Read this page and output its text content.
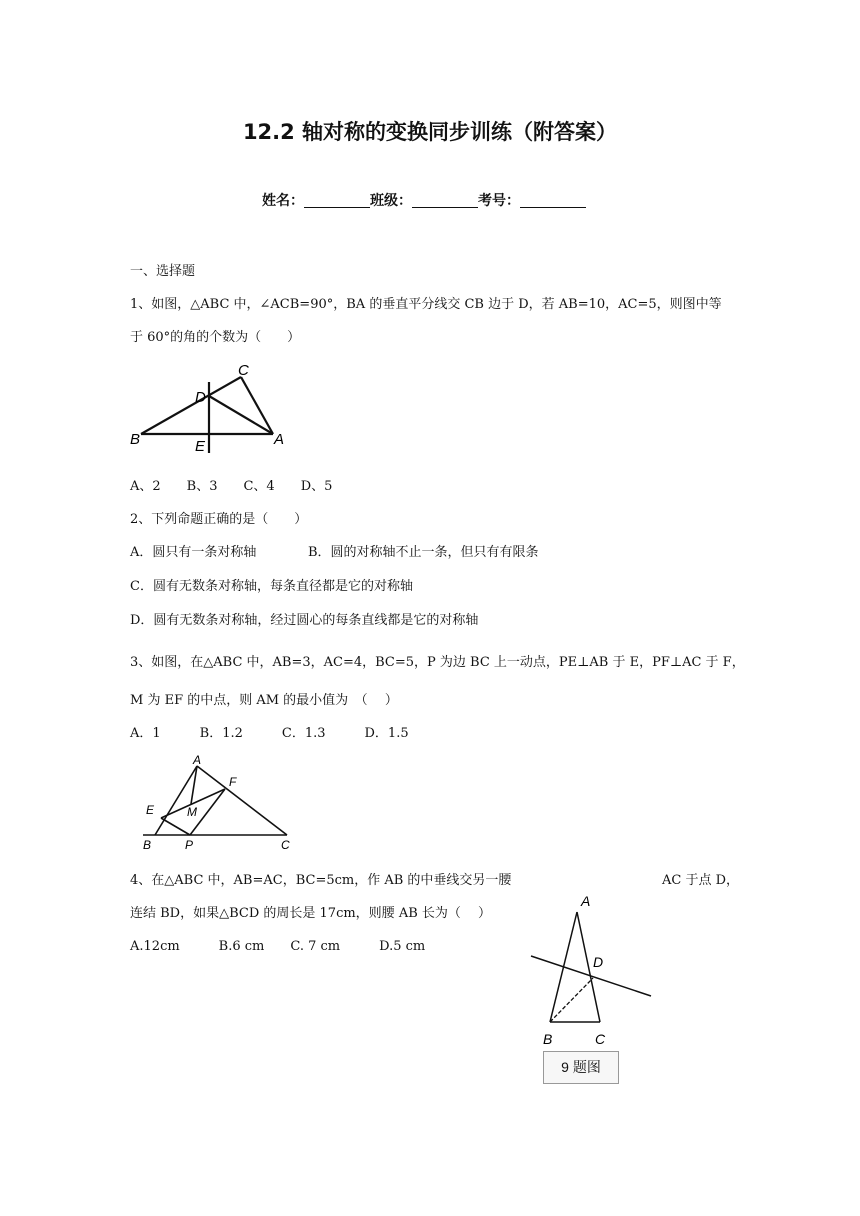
12.2 轴对称的变换同步训练（附答案）
姓名：	班级：	考号：
一、选择题
1、如图，△ABC 中，∠ACB=90°，BA 的垂直平分线交 CB 边于 D，若 AB=10，AC=5，则图中等
于 60°的角的个数为（　　）
C
D
B	E	A
A、2　　B、3　　C、4　　D、5
2、下列命题正确的是（　　）
A．圆只有一条对称轴	B．圆的对称轴不止一条，但只有有限条
C．圆有无数条对称轴，每条直径都是它的对称轴
D．圆有无数条对称轴，经过圆心的每条直线都是它的对称轴
3、如图，在△ABC 中，AB=3，AC=4，BC=5，P 为边 BC 上一动点，PE⊥AB 于 E，PF⊥AC 于 F，
M 为 EF 的中点，则 AM 的最小值为　（　 ）
A．1　　　B．1.2　　　C．1.3　　　D．1.5
A
F
E	M
B	P	C
4、在△ABC 中，AB=AC，BC=5cm，作 AB 的中垂线交另一腰	AC 于点 D，
连结 BD，如果△BCD 的周长是 17cm，则腰 AB 长为（　 ）
A.12cm　　　B.6 cm　　C. 7 cm　　　D.5 cm
A
D
B	C
9 题图
